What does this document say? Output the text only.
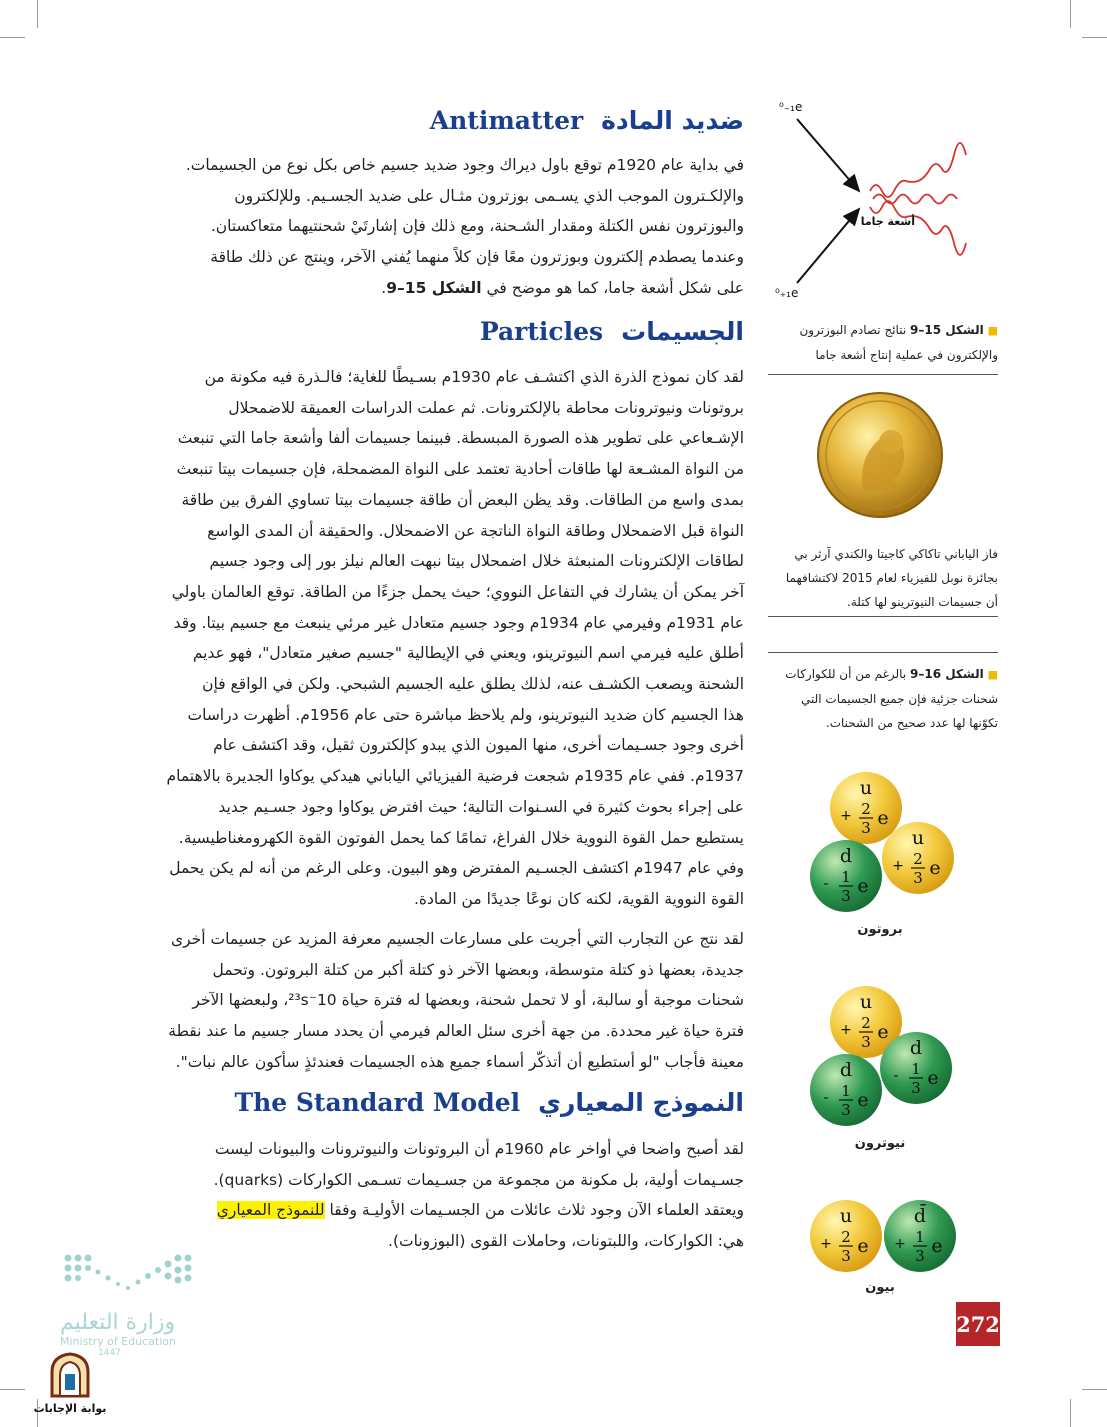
ضديد المادة
Antimatter
في بداية عام 1920م توقع باول ديراك وجود ضديد جسيم خاص بكل نوع من الجسيمات.
والإلكـترون الموجب الذي يسـمى بوزترون مثـال على ضديد الجسـيم. وللإلكترون
والبوزترون نفس الكتلة ومقدار الشـحنة، ومع ذلك فإن إشارتَيْ شحنتيهما متعاكستان.
وعندما يصطدم إلكترون وبوزترون معًا فإن كلاً منهما يُفني الآخر، وينتج عن ذلك طاقة
على شكل أشعة جاما، كما هو موضح في الشكل 15–9.
الجسيمات
Particles
لقد كان نموذج الذرة الذي اكتشـف عام 1930م بسـيطًا للغاية؛ فالـذرة فيه مكونة من
بروتونات ونيوترونات محاطة بالإلكترونات. ثم عملت الدراسات العميقة للاضمحلال
الإشـعاعي على تطوير هذه الصورة المبسطة. فبينما جسيمات ألفا وأشعة جاما التي تنبعث
من النواة المشـعة لها طاقات أحادية تعتمد على النواة المضمحلة، فإن جسيمات بيتا تنبعث
بمدى واسع من الطاقات. وقد يظن البعض أن طاقة جسيمات بيتا تساوي الفرق بين طاقة
النواة قبل الاضمحلال وطاقة النواة الناتجة عن الاضمحلال. والحقيقة أن المدى الواسع
لطاقات الإلكترونات المنبعثة خلال اضمحلال بيتا نبهت العالم نيلز بور إلى وجود جسيم
آخر يمكن أن يشارك في التفاعل النووي؛ حيث يحمل جزءًا من الطاقة. توقع العالمان باولي
عام 1931م وفيرمي عام 1934م وجود جسيم متعادل غير مرئي ينبعث مع جسيم بيتا. وقد
أطلق عليه فيرمي اسم النيوترينو، ويعني في الإيطالية "جسيم صغير متعادل"، فهو عديم
الشحنة ويصعب الكشـف عنه، لذلك يطلق عليه الجسيم الشبحي. ولكن في الواقع فإن
هذا الجسيم كان ضديد النيوترينو، ولم يلاحظ مباشرة حتى عام 1956م. أظهرت دراسات
أخرى وجود جسـيمات أخرى، منها الميون الذي يبدو كإلكترون ثقيل، وقد اكتشف عام
1937م. ففي عام 1935م شجعت فرضية الفيزيائي الياباني هيدكي يوكاوا الجديرة بالاهتمام
على إجراء بحوث كثيرة في السـنوات التالية؛ حيث افترض يوكاوا وجود جسـيم جديد
يستطيع حمل القوة النووية خلال الفراغ، تمامًا كما يحمل الفوتون القوة الكهرومغناطيسية.
وفي عام 1947م اكتشف الجسـيم المفترض وهو البيون. وعلى الرغم من أنه لم يكن يحمل
القوة النووية القوية، لكنه كان نوعًا جديدًا من المادة.
لقد نتج عن التجارب التي أجريت على مسارعات الجسيم معرفة المزيد عن جسيمات أخرى
جديدة، بعضها ذو كتلة متوسطة، وبعضها الآخر ذو كتلة أكبر من كتلة البروتون. وتحمل
شحنات موجبة أو سالبة، أو لا تحمل شحنة، وبعضها له فترة حياة 10⁻²³s، ولبعضها الآخر
فترة حياة غير محددة. من جهة أخرى سئل العالم فيرمي أن يحدد مسار جسيم ما عند نقطة
معينة فأجاب "لو أستطيع أن أتذكّر أسماء جميع هذه الجسيمات فعندئذٍ سأكون عالم نبات".
النموذج المعياري
The Standard Model
لقد أصبح واضحا في أواخر عام 1960م أن البروتونات والنيوترونات والبيونات ليست
جسـيمات أولية، بل مكونة من مجموعة من جسـيمات تسـمى الكواركات (quarks).
ويعتقد العلماء الآن وجود ثلاث عائلات من الجسـيمات الأوليـة وفقا للنموذج المعياري
هي: الكواركات، واللبتونات، وحاملات القوى (البوزونات).
⁰₋₁e
⁰₊₁e
أشعة جاما
■ الشكل 15–9 نتائج تصادم البوزترون
والإلكترون في عملية إنتاج أشعة جاما
فاز الياباني تاكاكي كاجيتا والكندي آرثر بي
بجائزة نوبل للفيزياء لعام 2015 لاكتشافهما
أن جسيمات النيوترينو لها كتلة.
■ الشكل 16–9 بالرغم من أن للكواركات
شحنات جزئية فإن جميع الجسيمات التي
تكوّنها لها عدد صحيح من الشحنات.
u
+ 2
3 e
u
+ 2
3 e
d
- 1
3 e
u
+ 2
3 e
d
- 1
3 e
d
- 1
3 e
u
+ 2
3 e
d̄
+ 1
3 e
بروتون
نيوترون
بيون
272
وزارة التعليم
Ministry of Education
1447
بوابة الإجابات
